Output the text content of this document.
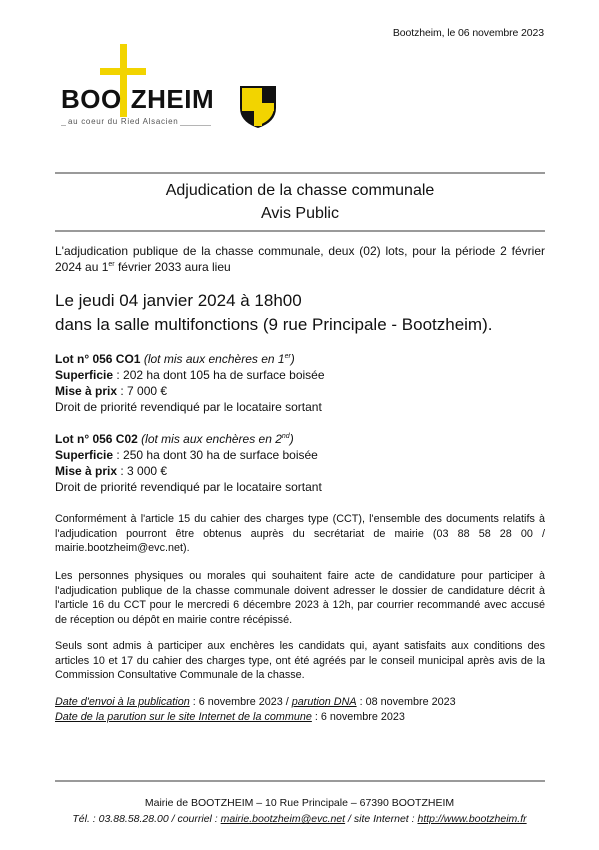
Bootzheim, le 06 novembre 2023
BOO ZHEIM
au coeur du Ried Alsacien
Adjudication de la chasse communale
Avis Public
L'adjudication publique de la chasse communale, deux (02) lots, pour la période 2 février 2024 au 1er février 2033 aura lieu
Le jeudi 04 janvier 2024 à 18h00
dans la salle multifonctions (9 rue Principale - Bootzheim).
Lot n° 056 CO1 (lot mis aux enchères en 1er)
Superficie : 202 ha dont 105 ha de surface boisée
Mise à prix : 7 000 €
Droit de priorité revendiqué par le locataire sortant
Lot n° 056 C02 (lot mis aux enchères en 2nd)
Superficie : 250 ha dont 30 ha de surface boisée
Mise à prix : 3 000 €
Droit de priorité revendiqué par le locataire sortant
Conformément à l'article 15 du cahier des charges type (CCT), l'ensemble des documents relatifs à l'adjudication pourront être obtenus auprès du secrétariat de mairie (03 88 58 28 00 / mairie.bootzheim@evc.net).
Les personnes physiques ou morales qui souhaitent faire acte de candidature pour participer à l'adjudication publique de la chasse communale doivent adresser le dossier de candidature décrit à l'article 16 du CCT pour le mercredi 6 décembre 2023 à 12h, par courrier recommandé avec accusé de réception ou dépôt en mairie contre récépissé.
Seuls sont admis à participer aux enchères les candidats qui, ayant satisfaits aux conditions des articles 10 et 17 du cahier des charges type, ont été agréés par le conseil municipal après avis de la Commission Consultative Communale de la chasse.
Date d'envoi à la publication : 6 novembre 2023 / parution DNA : 08 novembre 2023
Date de la parution sur le site Internet de la commune : 6 novembre 2023
Mairie de BOOTZHEIM – 10 Rue Principale – 67390 BOOTZHEIM
Tél. : 03.88.58.28.00 / courriel : mairie.bootzheim@evc.net / site Internet : http://www.bootzheim.fr
